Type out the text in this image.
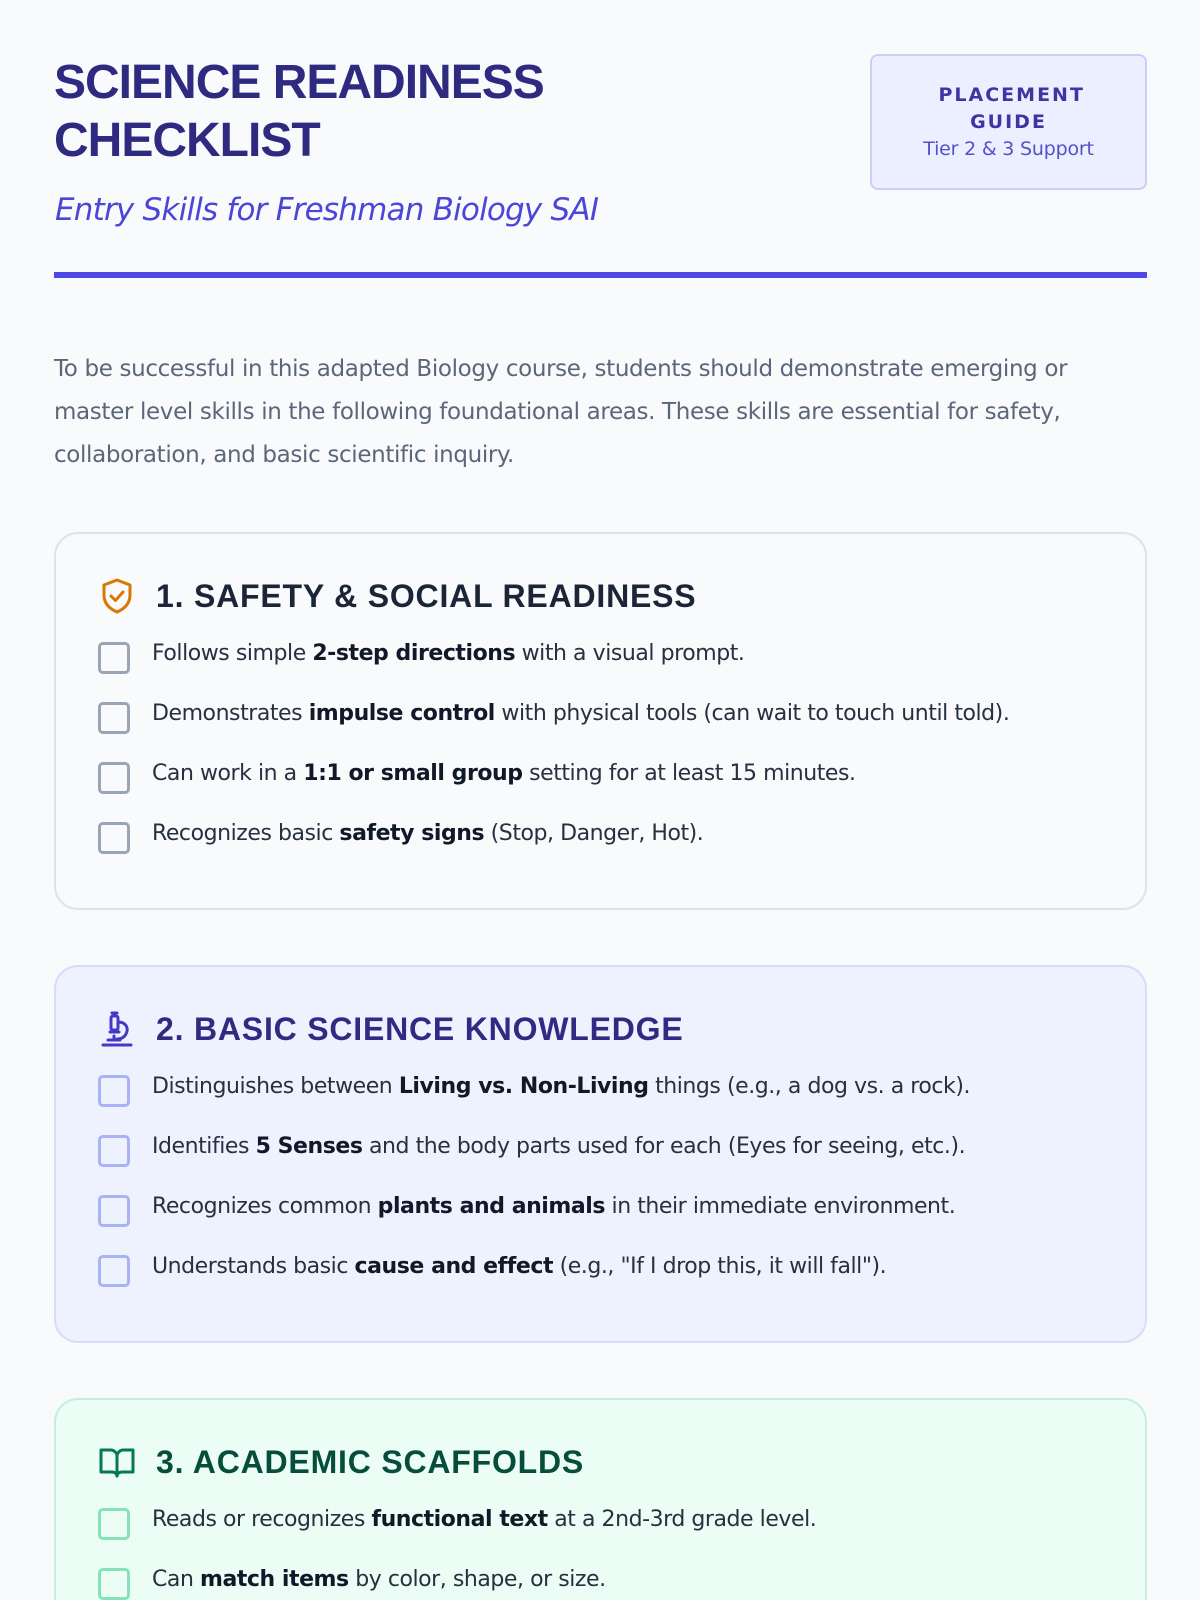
SCIENCE READINESS
CHECKLIST
Entry Skills for Freshman Biology SAI
PLACEMENT GUIDE
Tier 2 & 3 Support

To be successful in this adapted Biology course, students should demonstrate emerging or master level skills in the following foundational areas. These skills are essential for safety, collaboration, and basic scientific inquiry.

1. SAFETY & SOCIAL READINESS
Follows simple 2-step directions with a visual prompt.
Demonstrates impulse control with physical tools (can wait to touch until told).
Can work in a 1:1 or small group setting for at least 15 minutes.
Recognizes basic safety signs (Stop, Danger, Hot).
2. BASIC SCIENCE KNOWLEDGE
Distinguishes between Living vs. Non-Living things (e.g., a dog vs. a rock).
Identifies 5 Senses and the body parts used for each (Eyes for seeing, etc.).
Recognizes common plants and animals in their immediate environment.
Understands basic cause and effect (e.g., "If I drop this, it will fall").
3. ACADEMIC SCAFFOLDS
Reads or recognizes functional text at a 2nd-3rd grade level.
Can match items by color, shape, or size.
